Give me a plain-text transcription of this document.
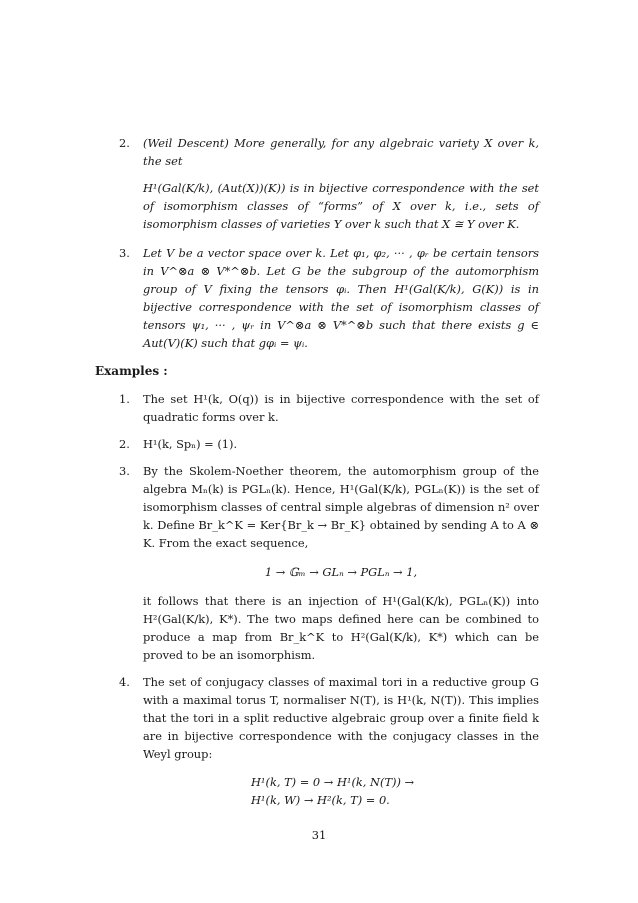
2.	(Weil Descent) More generally, for any algebraic variety X over k, the set

H¹(Gal(K/k), (Aut(X))(K)) is in bijective correspondence with the set of isomorphism classes of “forms” of X over k, i.e., sets of isomorphism classes of varieties Y over k such that X ≅ Y over K.

3.	Let V be a vector space over k. Let φ₁, φ₂, ··· , φᵣ be certain tensors in V^⊗a ⊗ V*^⊗b. Let G be the subgroup of the automorphism group of V fixing the tensors φᵢ. Then H¹(Gal(K/k), G(K)) is in bijective correspondence with the set of isomorphism classes of tensors ψ₁, ··· , ψᵣ in V^⊗a ⊗ V*^⊗b such that there exists g ∈ Aut(V)(K) such that gφᵢ = ψᵢ.

Examples :
1.	The set H¹(k, O(q)) is in bijective correspondence with the set of quadratic forms over k.
2.	H¹(k, Spₙ) = (1).
3.	By the Skolem-Noether theorem, the automorphism group of the algebra Mₙ(k) is PGLₙ(k). Hence, H¹(Gal(K/k), PGLₙ(K)) is the set of isomorphism classes of central simple algebras of dimension n² over k. Define Br_k^K = Ker{Br_k → Br_K} obtained by sending A to A ⊗ K. From the exact sequence,

1 → 𝔾ₘ → GLₙ → PGLₙ → 1,

it follows that there is an injection of H¹(Gal(K/k), PGLₙ(K)) into H²(Gal(K/k), K*). The two maps defined here can be combined to produce a map from Br_k^K to H²(Gal(K/k), K*) which can be proved to be an isomorphism.

4.	The set of conjugacy classes of maximal tori in a reductive group G with a maximal torus T, normaliser N(T), is H¹(k, N(T)). This implies that the tori in a split reductive algebraic group over a finite field k are in bijective correspondence with the conjugacy classes in the Weyl group:

H¹(k, T) = 0 → H¹(k, N(T)) →
H¹(k, W) → H²(k, T) = 0.
31
